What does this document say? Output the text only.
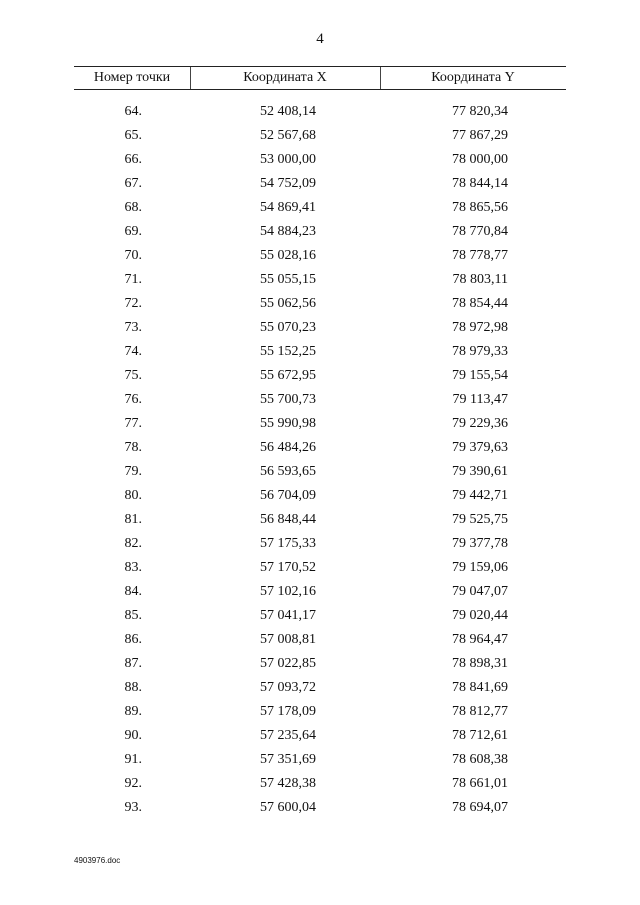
4
Номер точки	Координата X	Координата Y
64.	52 408,14	77 820,34
65.	52 567,68	77 867,29
66.	53 000,00	78 000,00
67.	54 752,09	78 844,14
68.	54 869,41	78 865,56
69.	54 884,23	78 770,84
70.	55 028,16	78 778,77
71.	55 055,15	78 803,11
72.	55 062,56	78 854,44
73.	55 070,23	78 972,98
74.	55 152,25	78 979,33
75.	55 672,95	79 155,54
76.	55 700,73	79 113,47
77.	55 990,98	79 229,36
78.	56 484,26	79 379,63
79.	56 593,65	79 390,61
80.	56 704,09	79 442,71
81.	56 848,44	79 525,75
82.	57 175,33	79 377,78
83.	57 170,52	79 159,06
84.	57 102,16	79 047,07
85.	57 041,17	79 020,44
86.	57 008,81	78 964,47
87.	57 022,85	78 898,31
88.	57 093,72	78 841,69
89.	57 178,09	78 812,77
90.	57 235,64	78 712,61
91.	57 351,69	78 608,38
92.	57 428,38	78 661,01
93.	57 600,04	78 694,07
4903976.doc
